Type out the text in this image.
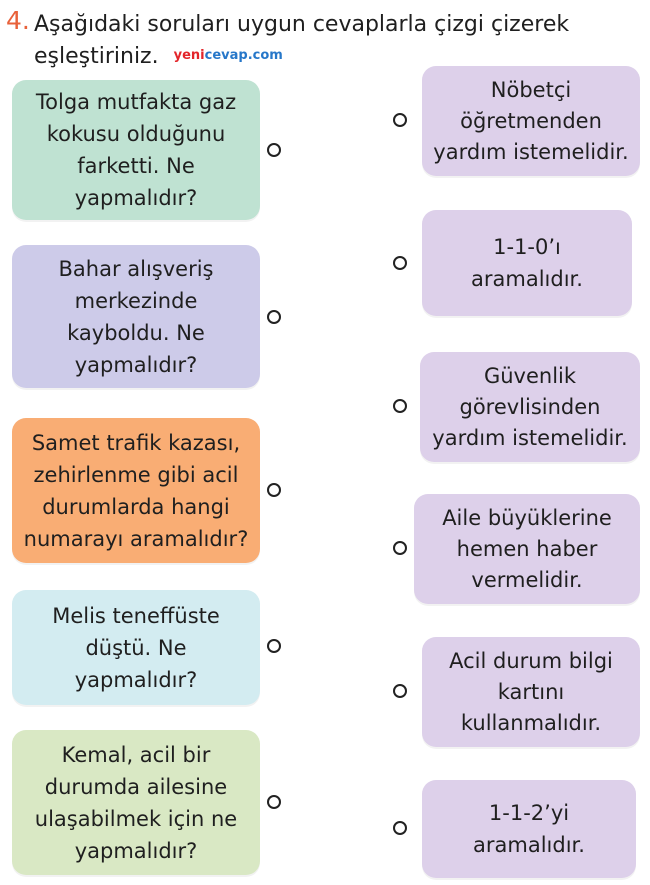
4. Aşağıdaki soruları uygun cevaplarla çizgi çizerek eşleştiriniz. yenicevap.com
Tolga mutfakta gaz kokusu olduğunu farketti. Ne yapmalıdır?
Bahar alışveriş merkezinde kayboldu. Ne yapmalıdır?
Samet trafik kazası, zehirlenme gibi acil durumlarda hangi numarayı aramalıdır?
Melis teneffüste düştü. Ne yapmalıdır?
Kemal, acil bir durumda ailesine ulaşabilmek için ne yapmalıdır?
Nöbetçi öğretmenden yardım istemelidir.
1-1-0’ı aramalıdır.
Güvenlik görevlisinden yardım istemelidir.
Aile büyüklerine hemen haber vermelidir.
Acil durum bilgi kartını kullanmalıdır.
1-1-2’yi aramalıdır.
